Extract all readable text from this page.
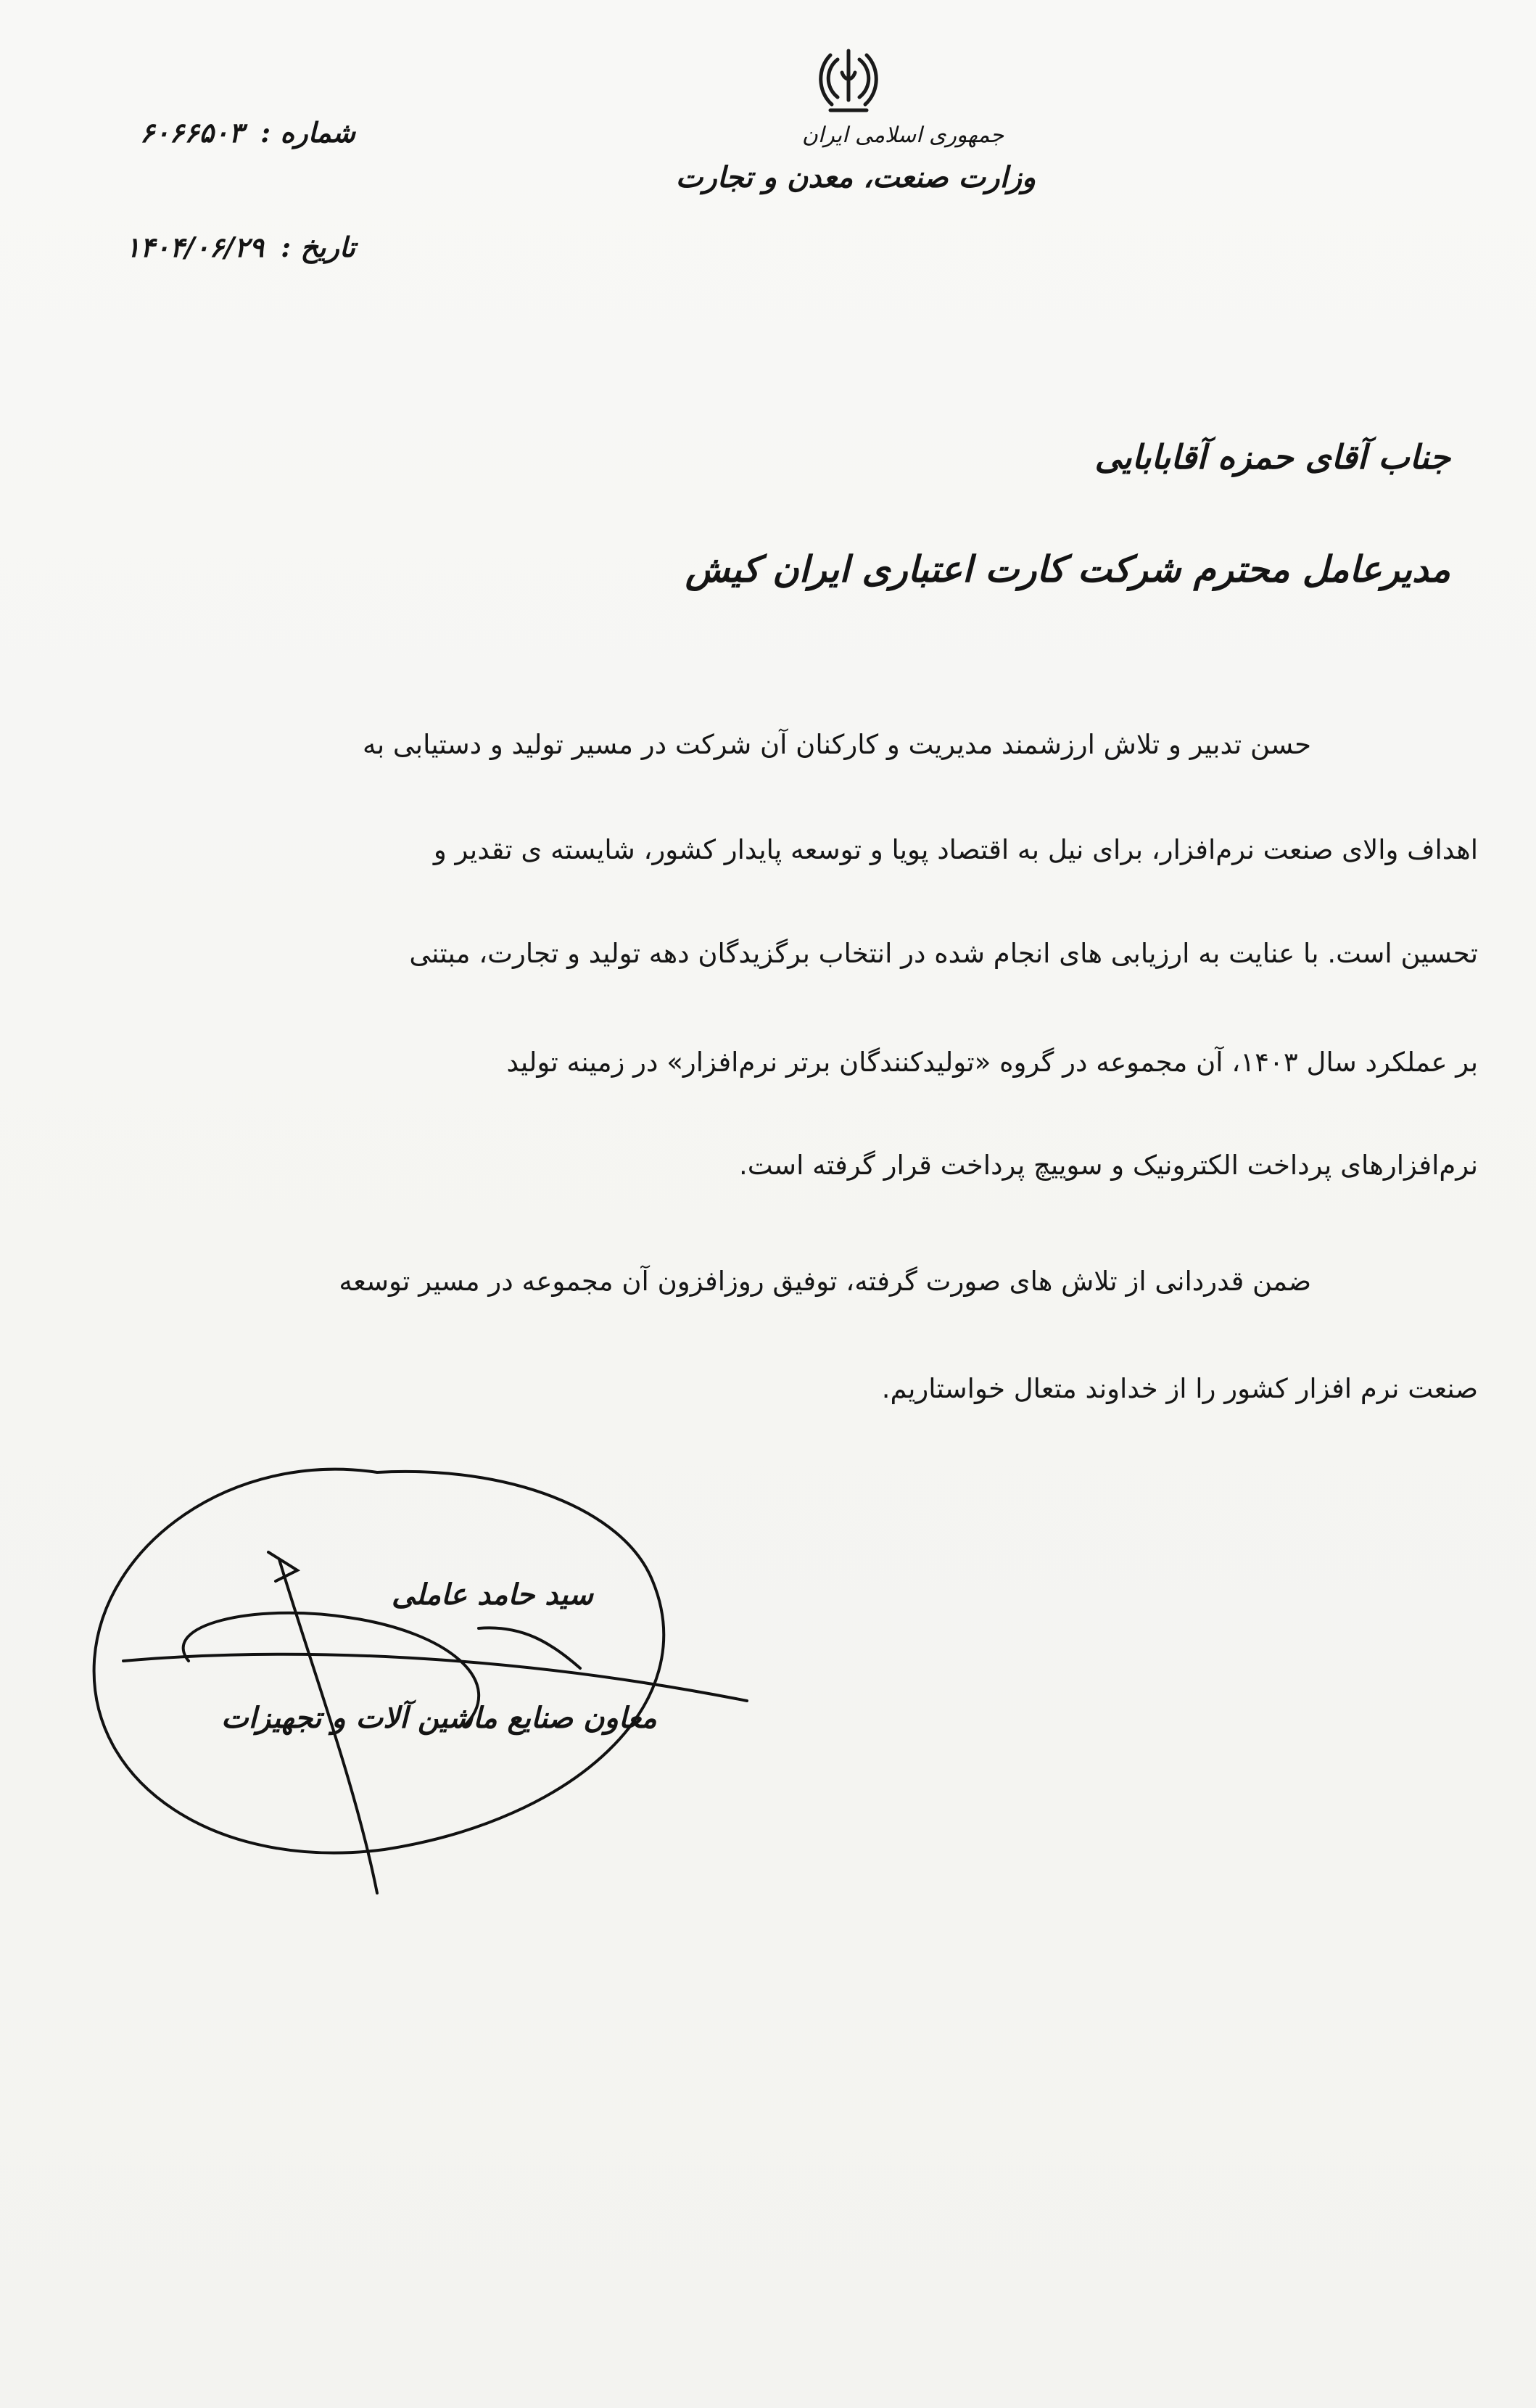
جمهوری اسلامی ایران
وزارت صنعت، معدن و تجارت
شماره : ۶۰۶۶۵۰۳
تاریخ : ۱۴۰۴/۰۶/۲۹
جناب آقای حمزه آقابابایی
مدیرعامل محترم شرکت کارت اعتباری ایران کیش
حسن تدبیر و تلاش ارزشمند مدیریت و کارکنان آن شرکت در مسیر تولید و دستیابی به
اهداف والای صنعت نرم‌افزار، برای نیل به اقتصاد پویا و توسعه پایدار کشور، شایسته ی تقدیر و
تحسین است. با عنایت به ارزیابی های انجام شده در انتخاب برگزیدگان دهه تولید و تجارت، مبتنی
بر عملکرد سال ۱۴۰۳، آن مجموعه در گروه «تولیدکنندگان برتر نرم‌افزار» در زمینه تولید
نرم‌افزارهای پرداخت الکترونیک و سوییچ پرداخت قرار گرفته است.
ضمن قدردانی از تلاش های صورت گرفته، توفیق روزافزون آن مجموعه در مسیر توسعه
صنعت نرم افزار کشور را از خداوند متعال خواستاریم.
سید حامد عاملی
معاون صنایع ماشین آلات و تجهیزات
